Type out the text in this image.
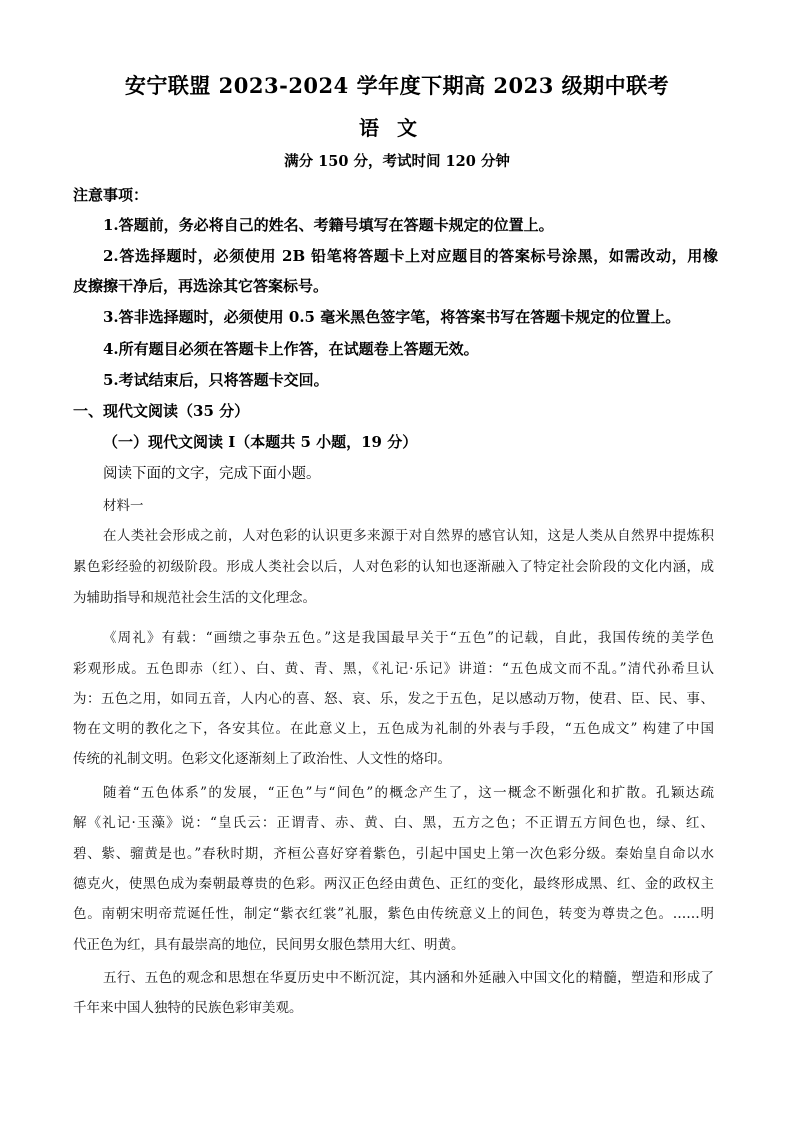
安宁联盟 2023-2024 学年度下期高 2023 级期中联考
语文
满分 150 分，考试时间 120 分钟
注意事项：
1.答题前，务必将自己的姓名、考籍号填写在答题卡规定的位置上。
2.答选择题时，必须使用 2B 铅笔将答题卡上对应题目的答案标号涂黑，如需改动，用橡
皮擦擦干净后，再选涂其它答案标号。
3.答非选择题时，必须使用 0.5 毫米黑色签字笔，将答案书写在答题卡规定的位置上。
4.所有题目必须在答题卡上作答，在试题卷上答题无效。
5.考试结束后，只将答题卡交回。
一、现代文阅读（35 分）
（一）现代文阅读 I（本题共 5 小题，19 分）
阅读下面的文字，完成下面小题。
材料一
在人类社会形成之前，人对色彩的认识更多来源于对自然界的感官认知，这是人类从自然界中提炼积
累色彩经验的初级阶段。形成人类社会以后，人对色彩的认知也逐渐融入了特定社会阶段的文化内涵，成
为辅助指导和规范社会生活的文化理念。
《周礼》有载：“画缋之事杂五色。”这是我国最早关于“五色”的记载，自此，我国传统的美学色
彩观形成。五色即赤（红）、白、黄、青、黑，《礼记·乐记》讲道：“五色成文而不乱。”清代孙希旦认
为：五色之用，如同五音，人内心的喜、怒、哀、乐，发之于五色，足以感动万物，使君、臣、民、事、
物在文明的教化之下，各安其位。在此意义上，五色成为礼制的外表与手段，“五色成文” 构建了中国
传统的礼制文明。色彩文化逐渐刻上了政治性、人文性的烙印。
随着“五色体系”的发展，“正色”与“间色”的概念产生了，这一概念不断强化和扩散。孔颖达疏
解《礼记·玉藻》说：“皇氏云：正谓青、赤、黄、白、黑，五方之色；不正谓五方间色也，绿、红、
碧、紫、骝黄是也。”春秋时期，齐桓公喜好穿着紫色，引起中国史上第一次色彩分级。秦始皇自命以水
德克火，使黑色成为秦朝最尊贵的色彩。两汉正色经由黄色、正红的变化，最终形成黑、红、金的政权主
色。南朝宋明帝荒诞任性，制定“紫衣红裳”礼服，紫色由传统意义上的间色，转变为尊贵之色。……明
代正色为红，具有最崇高的地位，民间男女服色禁用大红、明黄。
五行、五色的观念和思想在华夏历史中不断沉淀，其内涵和外延融入中国文化的精髓，塑造和形成了
千年来中国人独特的民族色彩审美观。
